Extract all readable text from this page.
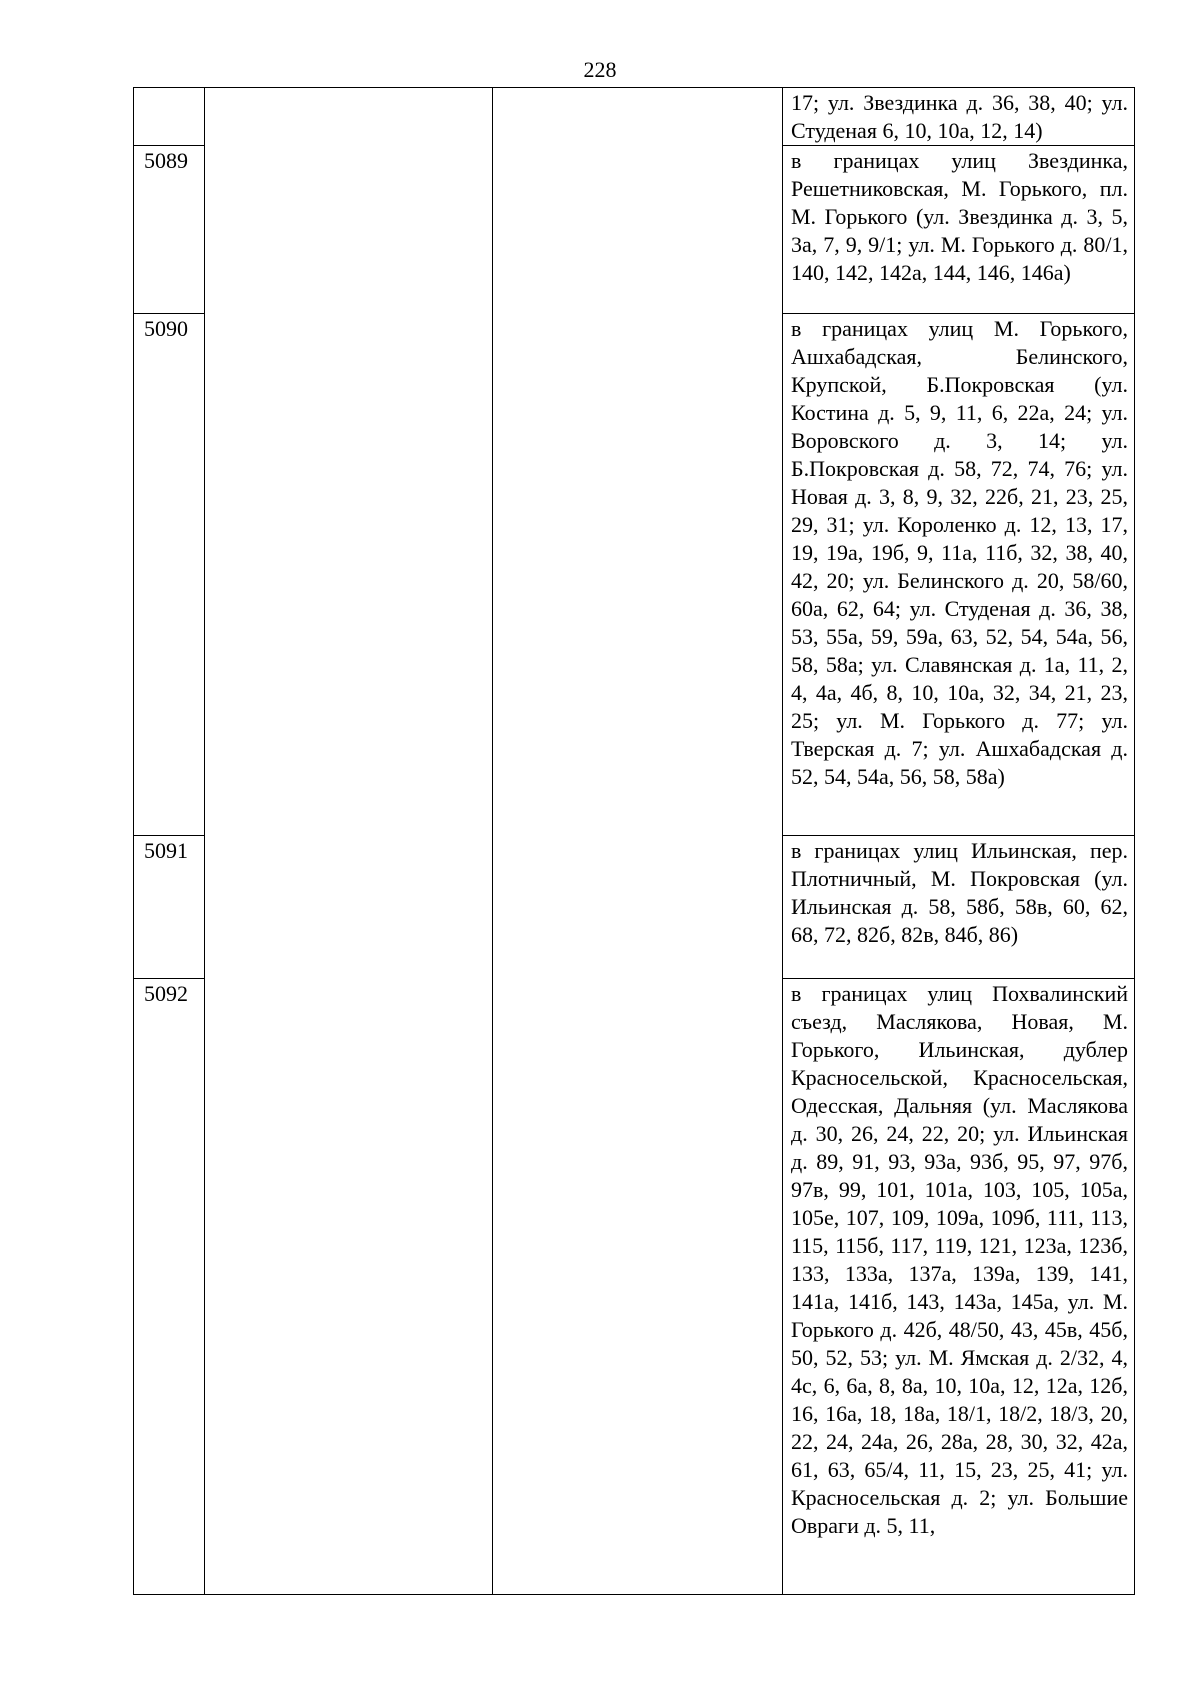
228
			17; ул. Звездинка д. 36, 38, 40; ул. Студеная 6, 10, 10а, 12, 14)
5089			в границах улиц Звездинка, Решетниковская, М. Горького, пл. М. Горького (ул. Звездинка д. 3, 5, 3а, 7, 9, 9/1; ул. М. Горького д. 80/1, 140, 142, 142а, 144, 146, 146а)
5090			в границах улиц М. Горького, Ашхабадская, Белинского, Крупской, Б.Покровская (ул. Костина д. 5, 9, 11, 6, 22а, 24; ул. Воровского д. 3, 14; ул. Б.Покровская д. 58, 72, 74, 76; ул. Новая д. 3, 8, 9, 32, 22б, 21, 23, 25, 29, 31; ул. Короленко д. 12, 13, 17, 19, 19а, 19б, 9, 11а, 11б, 32, 38, 40, 42, 20; ул. Белинского д. 20, 58/60, 60а, 62, 64; ул. Студеная д. 36, 38, 53, 55а, 59, 59а, 63, 52, 54, 54а, 56, 58, 58а; ул. Славянская д. 1а, 11, 2, 4, 4а, 4б, 8, 10, 10а, 32, 34, 21, 23, 25; ул. М. Горького д. 77; ул. Тверская д. 7; ул. Ашхабадская д. 52, 54, 54а, 56, 58, 58а)
5091			в границах улиц Ильинская, пер. Плотничный, М. Покровская (ул. Ильинская д. 58, 58б, 58в, 60, 62, 68, 72, 82б, 82в, 84б, 86)
5092			в границах улиц Похвалинский съезд, Маслякова, Новая, М. Горького, Ильинская, дублер Красносельской, Красносельская, Одесская, Дальняя (ул. Маслякова д. 30, 26, 24, 22, 20; ул. Ильинская д. 89, 91, 93, 93а, 93б, 95, 97, 97б, 97в, 99, 101, 101а, 103, 105, 105а, 105е, 107, 109, 109а, 109б, 111, 113, 115, 115б, 117, 119, 121, 123а, 123б, 133, 133а, 137а, 139а, 139, 141, 141а, 141б, 143, 143а, 145а, ул. М. Горького д. 42б, 48/50, 43, 45в, 45б, 50, 52, 53; ул. М. Ямская д. 2/32, 4, 4с, 6, 6а, 8, 8а, 10, 10а, 12, 12а, 12б, 16, 16а, 18, 18а, 18/1, 18/2, 18/3, 20, 22, 24, 24а, 26, 28а, 28, 30, 32, 42а, 61, 63, 65/4, 11, 15, 23, 25, 41; ул. Красносельская д. 2; ул. Большие Овраги д. 5, 11,
